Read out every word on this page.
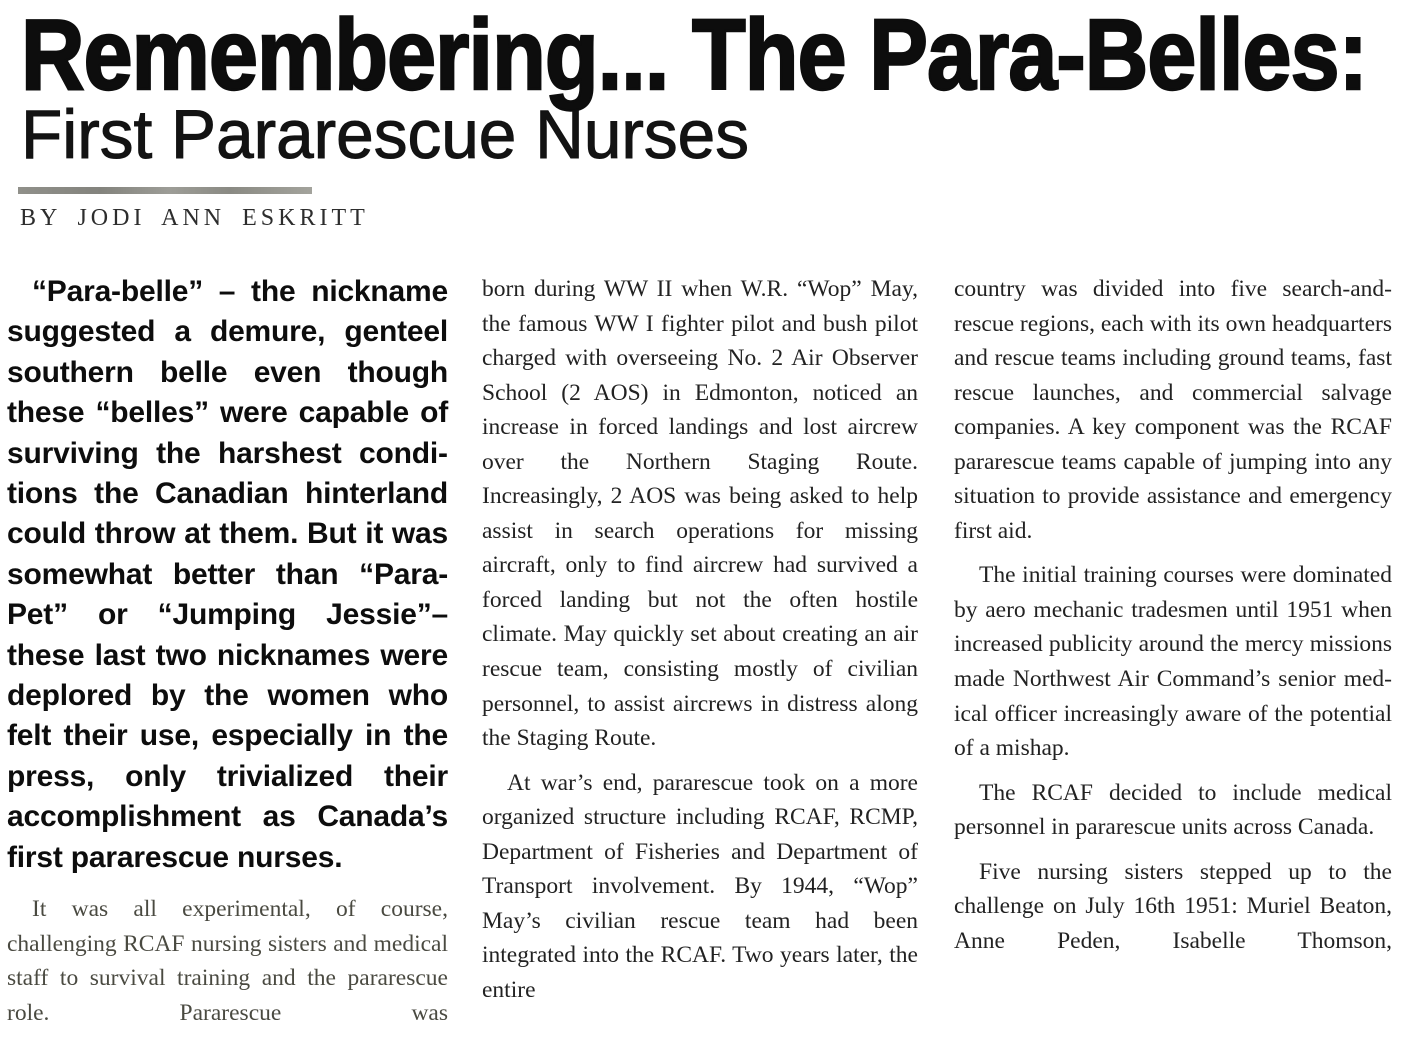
Remembering... The Para-Belles:
First Pararescue Nurses
BY JODI ANN ESKRITT

“Para-belle” – the nickname suggested a demure, genteel southern belle even though these “belles” were capable of surviving the harshest conditions the Canadian hinterland could throw at them. But it was somewhat better than “Para-Pet” or “Jumping Jessie”– these last two nicknames were deplored by the women who felt their use, especially in the press, only trivialized their accomplishment as Canada’s first pararescue nurses.

It was all experimental, of course, challenging RCAF nursing sisters and medical staff to survival training and the pararescue role. Pararescue was

born during WW II when W.R. “Wop” May, the famous WW I fighter pilot and bush pilot charged with overseeing No. 2 Air Observer School (2 AOS) in Edmonton, noticed an increase in forced landings and lost aircrew over the Northern Staging Route. Increasingly, 2 AOS was being asked to help assist in search operations for missing aircraft, only to find aircrew had survived a forced landing but not the often hostile climate. May quickly set about creating an air rescue team, consisting mostly of civilian personnel, to assist aircrews in distress along the Staging Route.

At war’s end, pararescue took on a more organized structure including RCAF, RCMP, Department of Fisheries and Department of Transport involvement. By 1944, “Wop” May’s civilian rescue team had been integrated into the RCAF. Two years later, the entire

country was divided into five search-and-rescue regions, each with its own headquarters and rescue teams including ground teams, fast rescue launches, and commercial salvage companies. A key component was the RCAF pararescue teams capable of jumping into any situation to provide assistance and emergency first aid.

The initial training courses were dominated by aero mechanic tradesmen until 1951 when increased publicity around the mercy missions made Northwest Air Command’s senior medical officer increasingly aware of the potential of a mishap.

The RCAF decided to include medical personnel in pararescue units across Canada.

Five nursing sisters stepped up to the challenge on July 16th 1951: Muriel Beaton, Anne Peden, Isabelle Thomson,
